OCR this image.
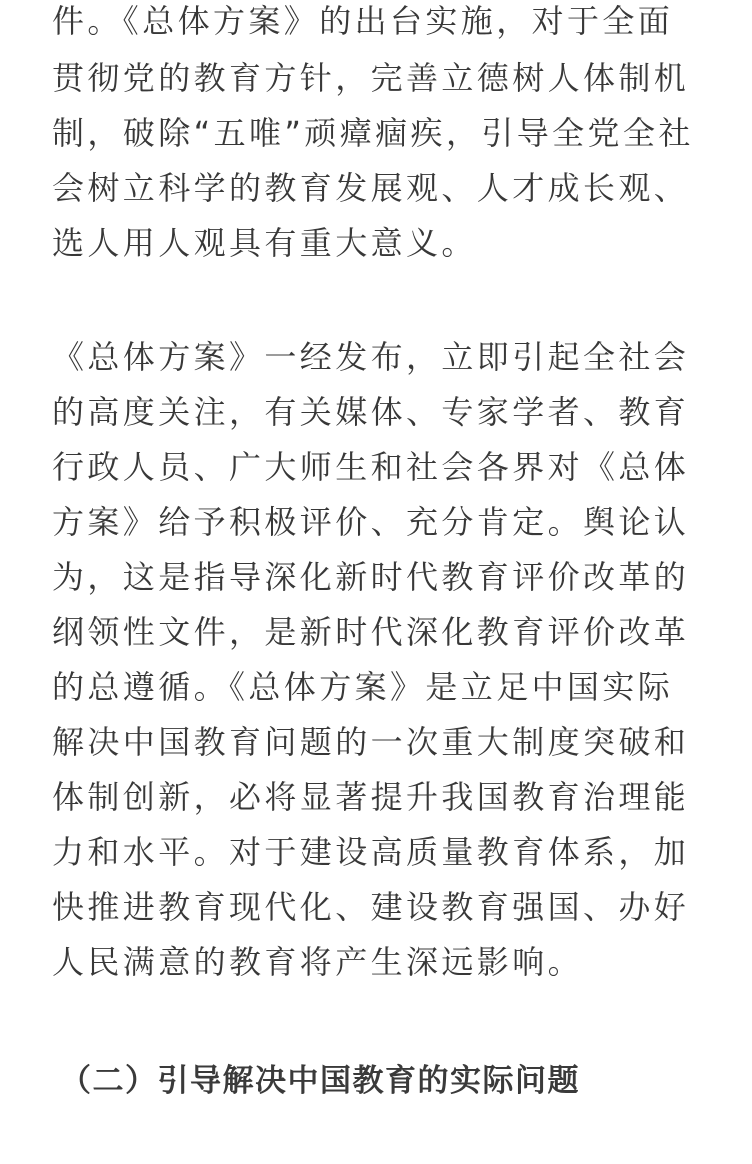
件。《总体方案》的出台实施，对于全面
贯彻党的教育方针，完善立德树人体制机
制，破除“五唯”顽瘴痼疾，引导全党全社
会树立科学的教育发展观、人才成长观、
选人用人观具有重大意义。
《总体方案》一经发布，立即引起全社会
的高度关注，有关媒体、专家学者、教育
行政人员、广大师生和社会各界对《总体
方案》给予积极评价、充分肯定。舆论认
为，这是指导深化新时代教育评价改革的
纲领性文件，是新时代深化教育评价改革
的总遵循。《总体方案》是立足中国实际
解决中国教育问题的一次重大制度突破和
体制创新，必将显著提升我国教育治理能
力和水平。对于建设高质量教育体系，加
快推进教育现代化、建设教育强国、办好
人民满意的教育将产生深远影响。
（二）引导解决中国教育的实际问题
